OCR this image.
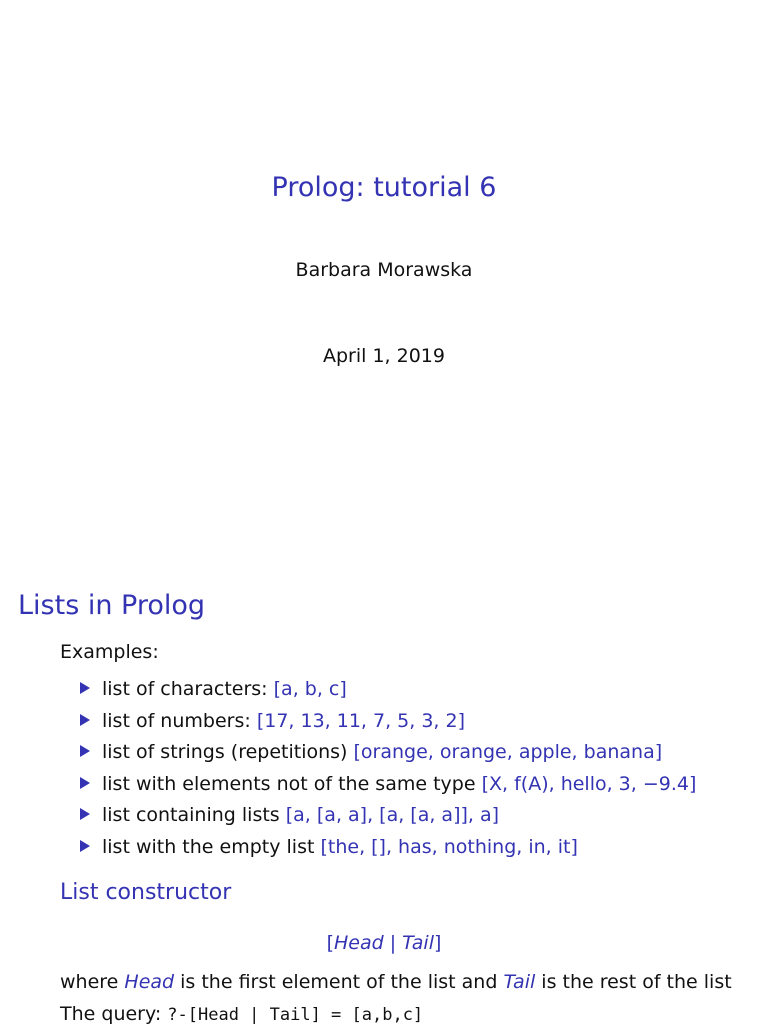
Prolog: tutorial 6
Barbara Morawska
April 1, 2019
Lists in Prolog
Examples:
list of characters: [a, b, c]
list of numbers: [17, 13, 11, 7, 5, 3, 2]
list of strings (repetitions) [orange, orange, apple, banana]
list with elements not of the same type [X, f(A), hello, 3, −9.4]
list containing lists [a, [a, a], [a, [a, a]], a]
list with the empty list [the, [], has, nothing, in, it]
List constructor
[Head | Tail]
where Head is the first element of the list and Tail is the rest of the list
The query: ?-[Head | Tail] = [a,b,c]
